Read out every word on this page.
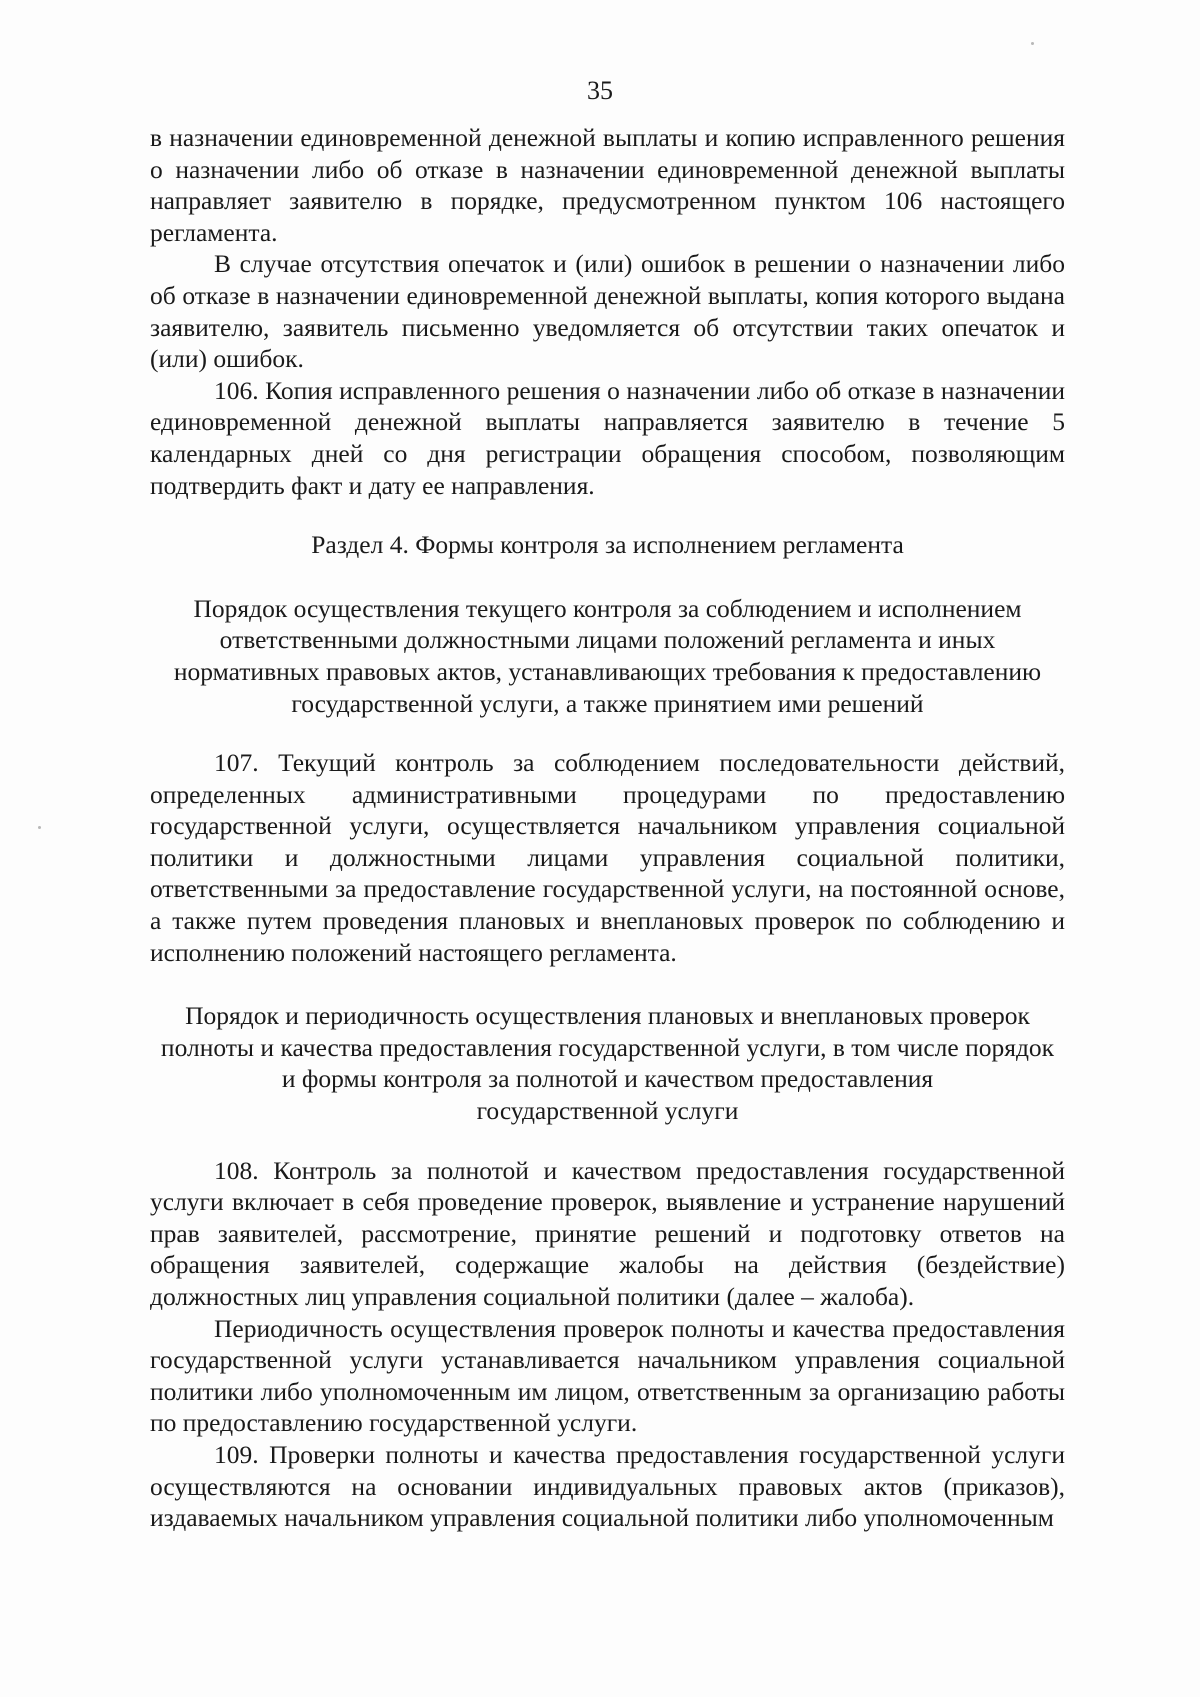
35

в назначении единовременной денежной выплаты и копию исправленного решения о назначении либо об отказе в назначении единовременной денежной выплаты направляет заявителю в порядке, предусмотренном пунктом 106 настоящего регламента.

В случае отсутствия опечаток и (или) ошибок в решении о назначении либо об отказе в назначении единовременной денежной выплаты, копия которого выдана заявителю, заявитель письменно уведомляется об отсутствии таких опечаток и (или) ошибок.

106. Копия исправленного решения о назначении либо об отказе в назначении единовременной денежной выплаты направляется заявителю в течение 5 календарных дней со дня регистрации обращения способом, позволяющим подтвердить факт и дату ее направления.

Раздел 4. Формы контроля за исполнением регламента
Порядок осуществления текущего контроля за соблюдением и исполнением
ответственными должностными лицами положений регламента и иных
нормативных правовых актов, устанавливающих требования к предоставлению
государственной услуги, а также принятием ими решений

107. Текущий контроль за соблюдением последовательности действий, определенных административными процедурами по предоставлению государственной услуги, осуществляется начальником управления социальной политики и должностными лицами управления социальной политики, ответственными за предоставление государственной услуги, на постоянной основе, а также путем проведения плановых и внеплановых проверок по соблюдению и исполнению положений настоящего регламента.

Порядок и периодичность осуществления плановых и внеплановых проверок
полноты и качества предоставления государственной услуги, в том числе порядок
и формы контроля за полнотой и качеством предоставления
государственной услуги

108. Контроль за полнотой и качеством предоставления государственной услуги включает в себя проведение проверок, выявление и устранение нарушений прав заявителей, рассмотрение, принятие решений и подготовку ответов на обращения заявителей, содержащие жалобы на действия (бездействие) должностных лиц управления социальной политики (далее – жалоба).

Периодичность осуществления проверок полноты и качества предоставления государственной услуги устанавливается начальником управления социальной политики либо уполномоченным им лицом, ответственным за организацию работы по предоставлению государственной услуги.

109. Проверки полноты и качества предоставления государственной услуги осуществляются на основании индивидуальных правовых актов (приказов), издаваемых начальником управления социальной политики либо уполномоченным
